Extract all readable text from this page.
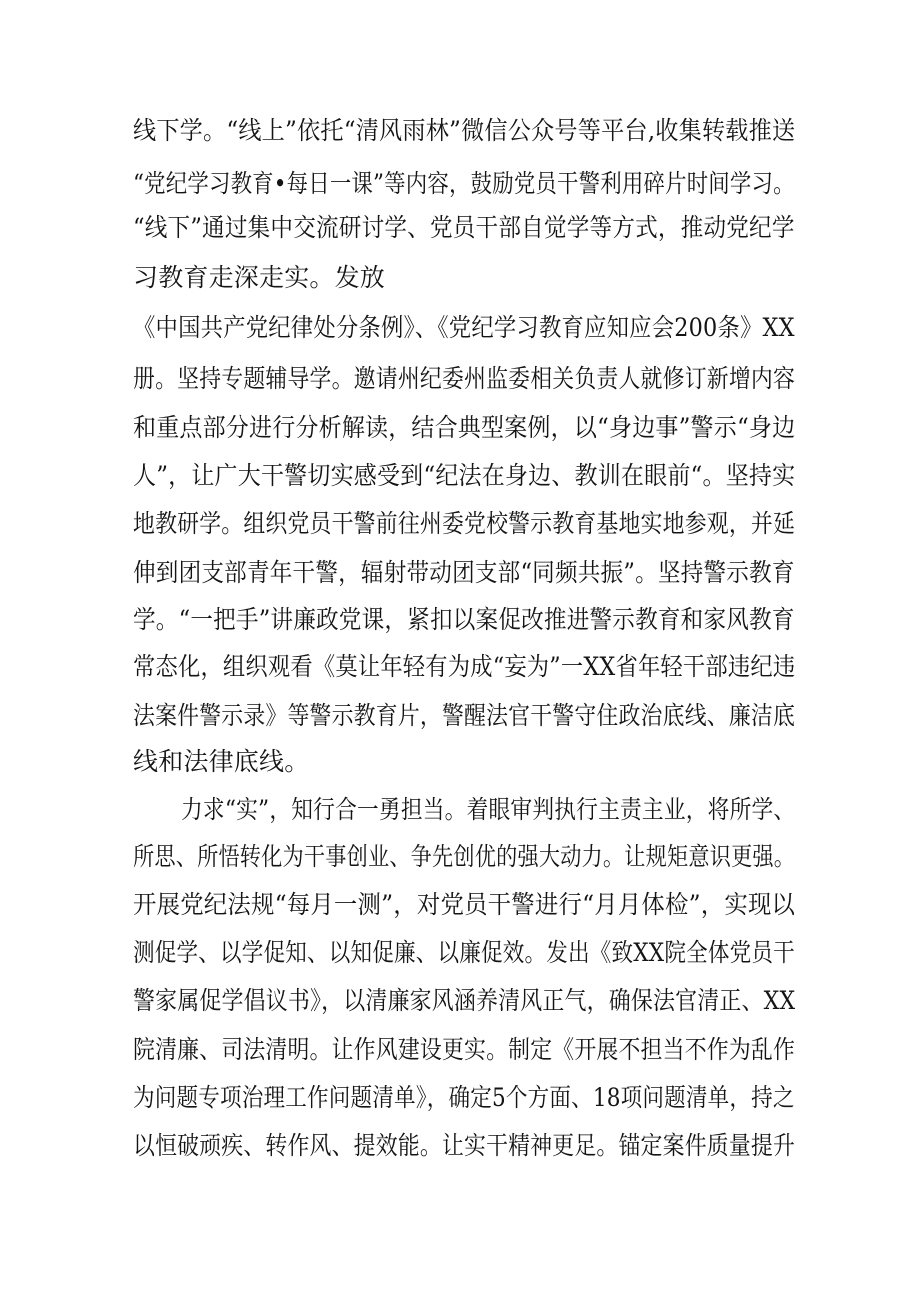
线下学。“线上”依托“清风雨林”微信公众号等平台,收集转载推送
“党纪学习教育•每日一课”等内容，鼓励党员干警利用碎片时间学习。
“线下”通过集中交流研讨学、党员干部自觉学等方式，推动党纪学
习教育走深走实。发放
《中国共产党纪律处分条例》、《党纪学习教育应知应会200条》XX
册。坚持专题辅导学。邀请州纪委州监委相关负责人就修订新增内容
和重点部分进行分析解读，结合典型案例，以“身边事”警示“身边
人”，让广大干警切实感受到“纪法在身边、教训在眼前“。坚持实
地教研学。组织党员干警前往州委党校警示教育基地实地参观，并延
伸到团支部青年干警，辐射带动团支部“同频共振”。坚持警示教育
学。“一把手”讲廉政党课，紧扣以案促改推进警示教育和家风教育
常态化，组织观看《莫让年轻有为成“妄为”一XX省年轻干部违纪违
法案件警示录》等警示教育片，警醒法官干警守住政治底线、廉洁底
线和法律底线。
力求“实”，知行合一勇担当。着眼审判执行主责主业，将所学、
所思、所悟转化为干事创业、争先创优的强大动力。让规矩意识更强。
开展党纪法规“每月一测”，对党员干警进行“月月体检”，实现以
测促学、以学促知、以知促廉、以廉促效。发出《致XX院全体党员干
警家属促学倡议书》，以清廉家风涵养清风正气，确保法官清正、XX
院清廉、司法清明。让作风建设更实。制定《开展不担当不作为乱作
为问题专项治理工作问题清单》，确定5个方面、18项问题清单，持之
以恒破顽疾、转作风、提效能。让实干精神更足。锚定案件质量提升
